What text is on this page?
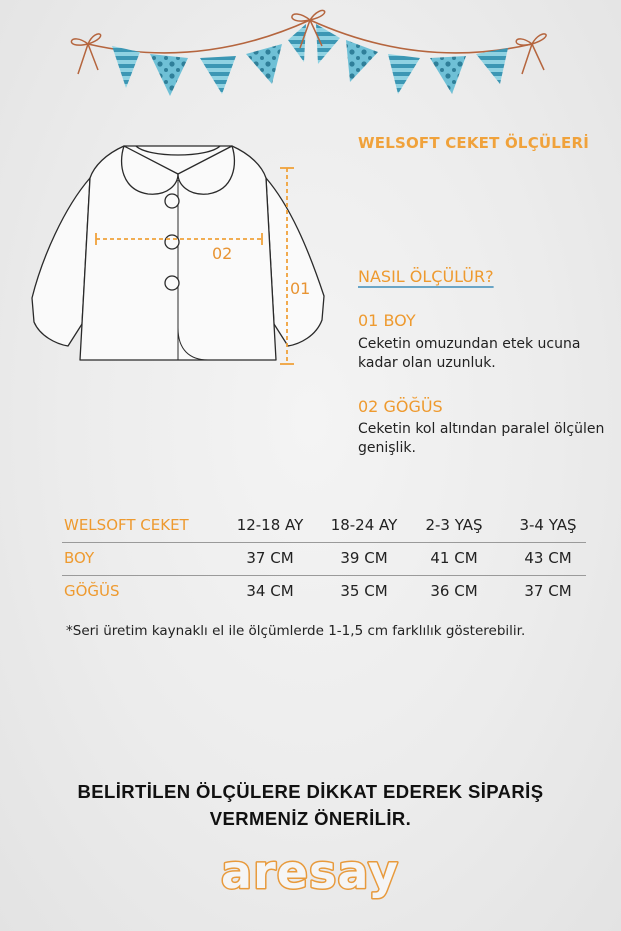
02
01
WELSOFT CEKET ÖLÇÜLERİ
NASIL ÖLÇÜLÜR?
01 BOY
Ceketin omuzundan etek ucuna kadar olan uzunluk.
02 GÖĞÜS
Ceketin kol altından paralel ölçülen genişlik.
WELSOFT CEKET	12-18 AY	18-24 AY	2-3 YAŞ	3-4 YAŞ
BOY	37 CM	39 CM	41 CM	43 CM
GÖĞÜS	34 CM	35 CM	36 CM	37 CM
*Seri üretim kaynaklı el ile ölçümlerde 1-1,5 cm farklılık gösterebilir.
BELİRTİLEN ÖLÇÜLERE DİKKAT EDEREK SİPARİŞ
VERMENİZ ÖNERİLİR.
aresay
